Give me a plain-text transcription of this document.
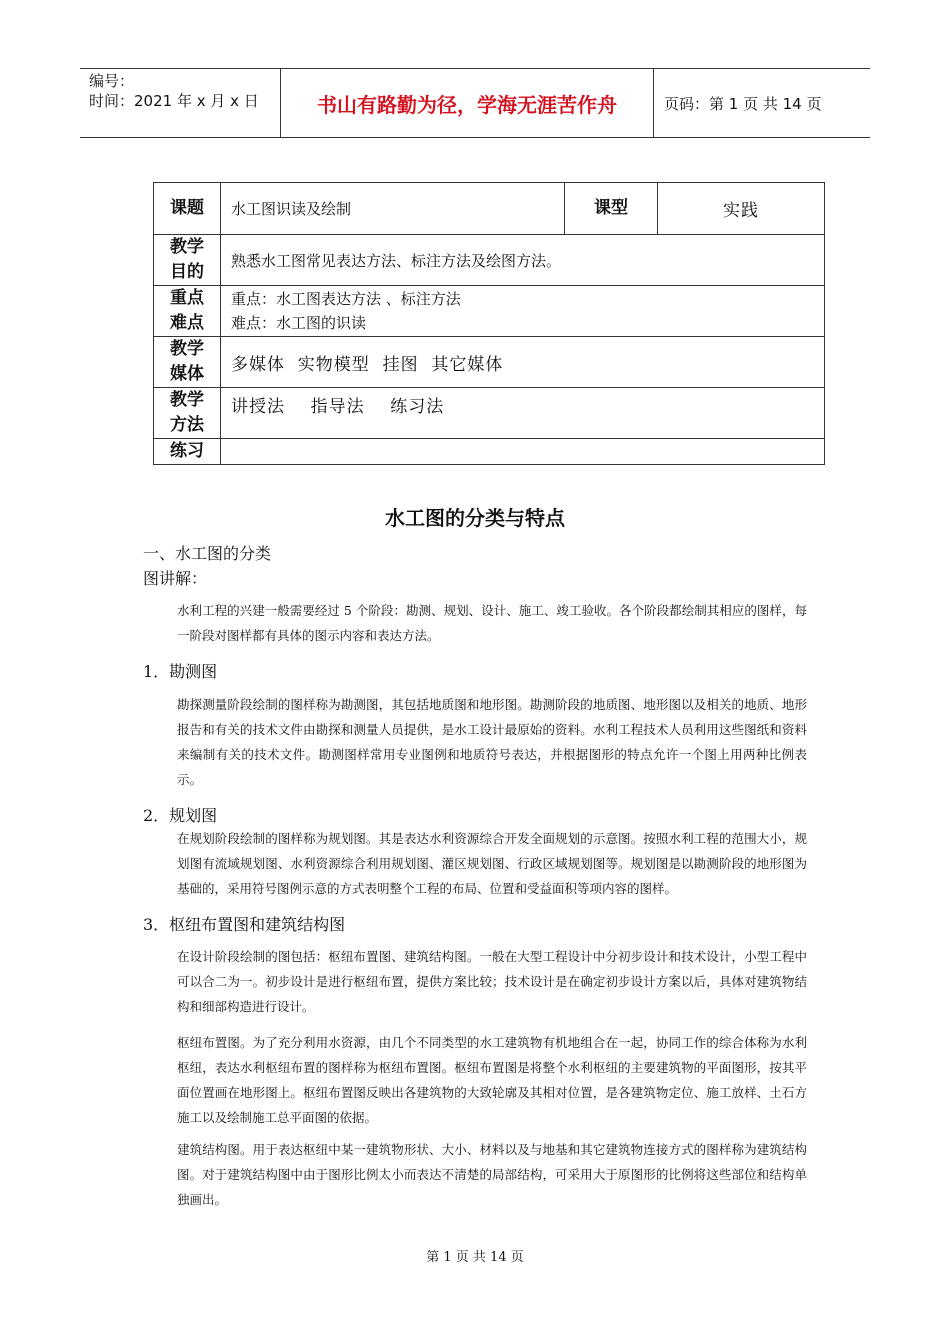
编号：
时间：2021 年 x 月 x 日	书山有路勤为径，学海无涯苦作舟	页码：第 1 页 共 14 页
课题	水工图识读及绘制	课型	实践
教学目的	熟悉水工图常见表达方法、标注方法及绘图方法。		
重点难点	重点：水工图表达方法 、标注方法
难点：水工图的识读		

教学媒体	多媒体  实物模型  挂图  其它媒体		
教学方法	讲授法    指导法    练习法		
练习			
水工图的分类与特点
一、水工图的分类
图讲解：
水利工程的兴建一般需要经过 5 个阶段：勘测、规划、设计、施工、竣工验收。各个阶段都绘制其相应的图样，每一阶段对图样都有具体的图示内容和表达方法。
1．勘测图
勘探测量阶段绘制的图样称为勘测图，其包括地质图和地形图。勘测阶段的地质图、地形图以及相关的地质、地形报告和有关的技术文件由勘探和测量人员提供，是水工设计最原始的资料。水利工程技术人员利用这些图纸和资料来编制有关的技术文件。勘测图样常用专业图例和地质符号表达，并根据图形的特点允许一个图上用两种比例表示。
2．规划图
在规划阶段绘制的图样称为规划图。其是表达水利资源综合开发全面规划的示意图。按照水利工程的范围大小，规划图有流域规划图、水利资源综合利用规划图、灌区规划图、行政区域规划图等。规划图是以勘测阶段的地形图为基础的，采用符号图例示意的方式表明整个工程的布局、位置和受益面积等项内容的图样。
3．枢纽布置图和建筑结构图
在设计阶段绘制的图包括：枢纽布置图、建筑结构图。一般在大型工程设计中分初步设计和技术设计，小型工程中可以合二为一。初步设计是进行枢纽布置，提供方案比较；技术设计是在确定初步设计方案以后，具体对建筑物结构和细部构造进行设计。
枢纽布置图。为了充分利用水资源，由几个不同类型的水工建筑物有机地组合在一起，协同工作的综合体称为水利枢纽，表达水利枢纽布置的图样称为枢纽布置图。枢纽布置图是将整个水利枢纽的主要建筑物的平面图形，按其平面位置画在地形图上。枢纽布置图反映出各建筑物的大致轮廓及其相对位置，是各建筑物定位、施工放样、土石方施工以及绘制施工总平面图的依据。
建筑结构图。用于表达枢纽中某一建筑物形状、大小、材料以及与地基和其它建筑物连接方式的图样称为建筑结构图。对于建筑结构图中由于图形比例太小而表达不清楚的局部结构，可采用大于原图形的比例将这些部位和结构单独画出。
第 1 页 共 14 页
